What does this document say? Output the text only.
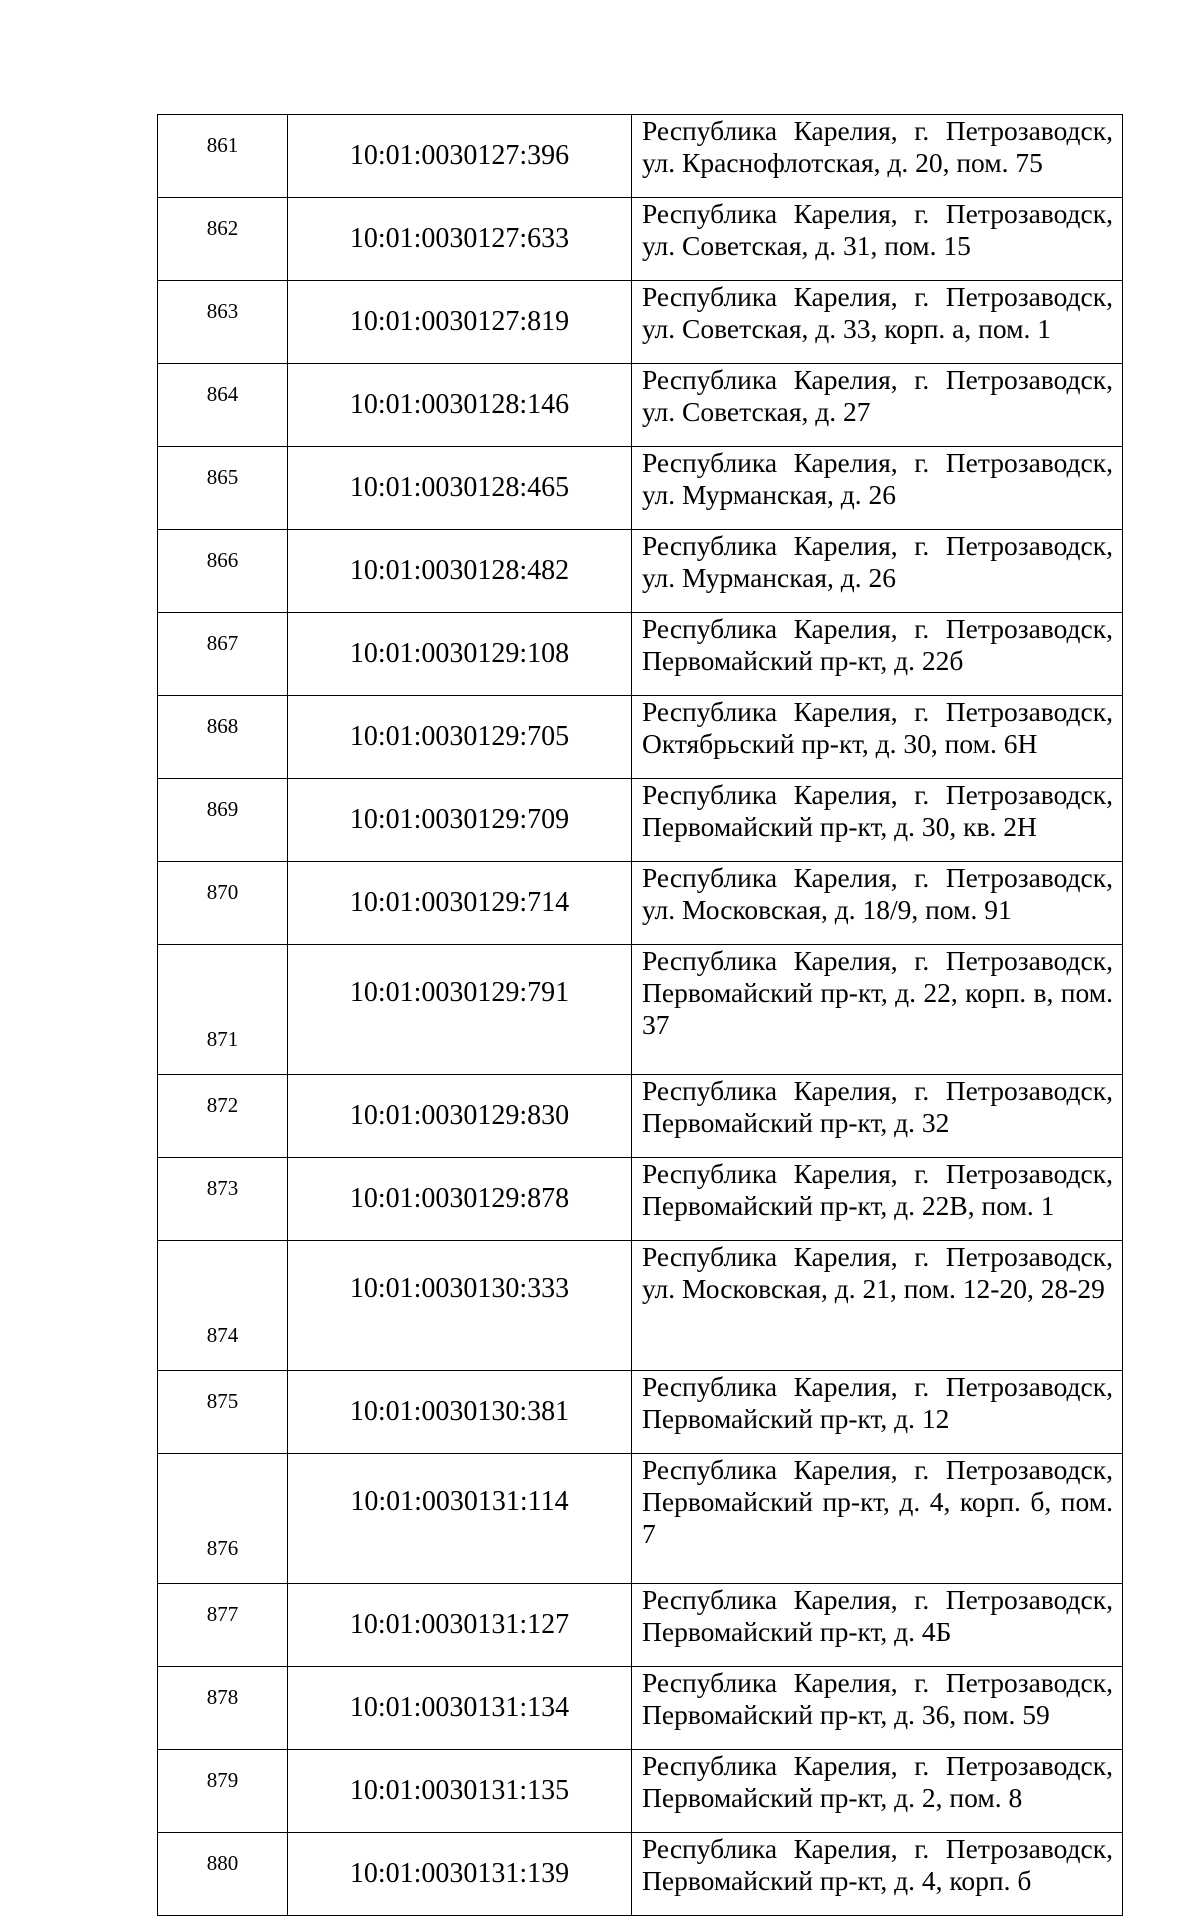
861	10:01:0030127:396	Республика Карелия, г. Петрозаводск, ул. Краснофлотская, д. 20, пом. 75
862	10:01:0030127:633	Республика Карелия, г. Петрозаводск, ул. Советская, д. 31, пом. 15
863	10:01:0030127:819	Республика Карелия, г. Петрозаводск, ул. Советская, д. 33, корп. а, пом. 1
864	10:01:0030128:146	Республика Карелия, г. Петрозаводск, ул. Советская, д. 27
865	10:01:0030128:465	Республика Карелия, г. Петрозаводск, ул. Мурманская, д. 26
866	10:01:0030128:482	Республика Карелия, г. Петрозаводск, ул. Мурманская, д. 26
867	10:01:0030129:108	Республика Карелия, г. Петрозаводск, Первомайский пр-кт, д. 22б
868	10:01:0030129:705	Республика Карелия, г. Петрозаводск, Октябрьский пр-кт, д. 30, пом. 6Н
869	10:01:0030129:709	Республика Карелия, г. Петрозаводск, Первомайский пр-кт, д. 30, кв. 2Н
870	10:01:0030129:714	Республика Карелия, г. Петрозаводск, ул. Московская, д. 18/9, пом. 91
871	10:01:0030129:791	Республика Карелия, г. Петрозаводск, Первомайский пр-кт, д. 22, корп. в, пом. 37
872	10:01:0030129:830	Республика Карелия, г. Петрозаводск, Первомайский пр-кт, д. 32
873	10:01:0030129:878	Республика Карелия, г. Петрозаводск, Первомайский пр-кт, д. 22В, пом. 1
874	10:01:0030130:333	Республика Карелия, г. Петрозаводск, ул. Московская, д. 21, пом. 12-20, 28-29
875	10:01:0030130:381	Республика Карелия, г. Петрозаводск, Первомайский пр-кт, д. 12
876	10:01:0030131:114	Республика Карелия, г. Петрозаводск, Первомайский пр-кт, д. 4, корп. б, пом. 7
877	10:01:0030131:127	Республика Карелия, г. Петрозаводск, Первомайский пр-кт, д. 4Б
878	10:01:0030131:134	Республика Карелия, г. Петрозаводск, Первомайский пр-кт, д. 36, пом. 59
879	10:01:0030131:135	Республика Карелия, г. Петрозаводск, Первомайский пр-кт, д. 2, пом. 8
880	10:01:0030131:139	Республика Карелия, г. Петрозаводск, Первомайский пр-кт, д. 4, корп. б
